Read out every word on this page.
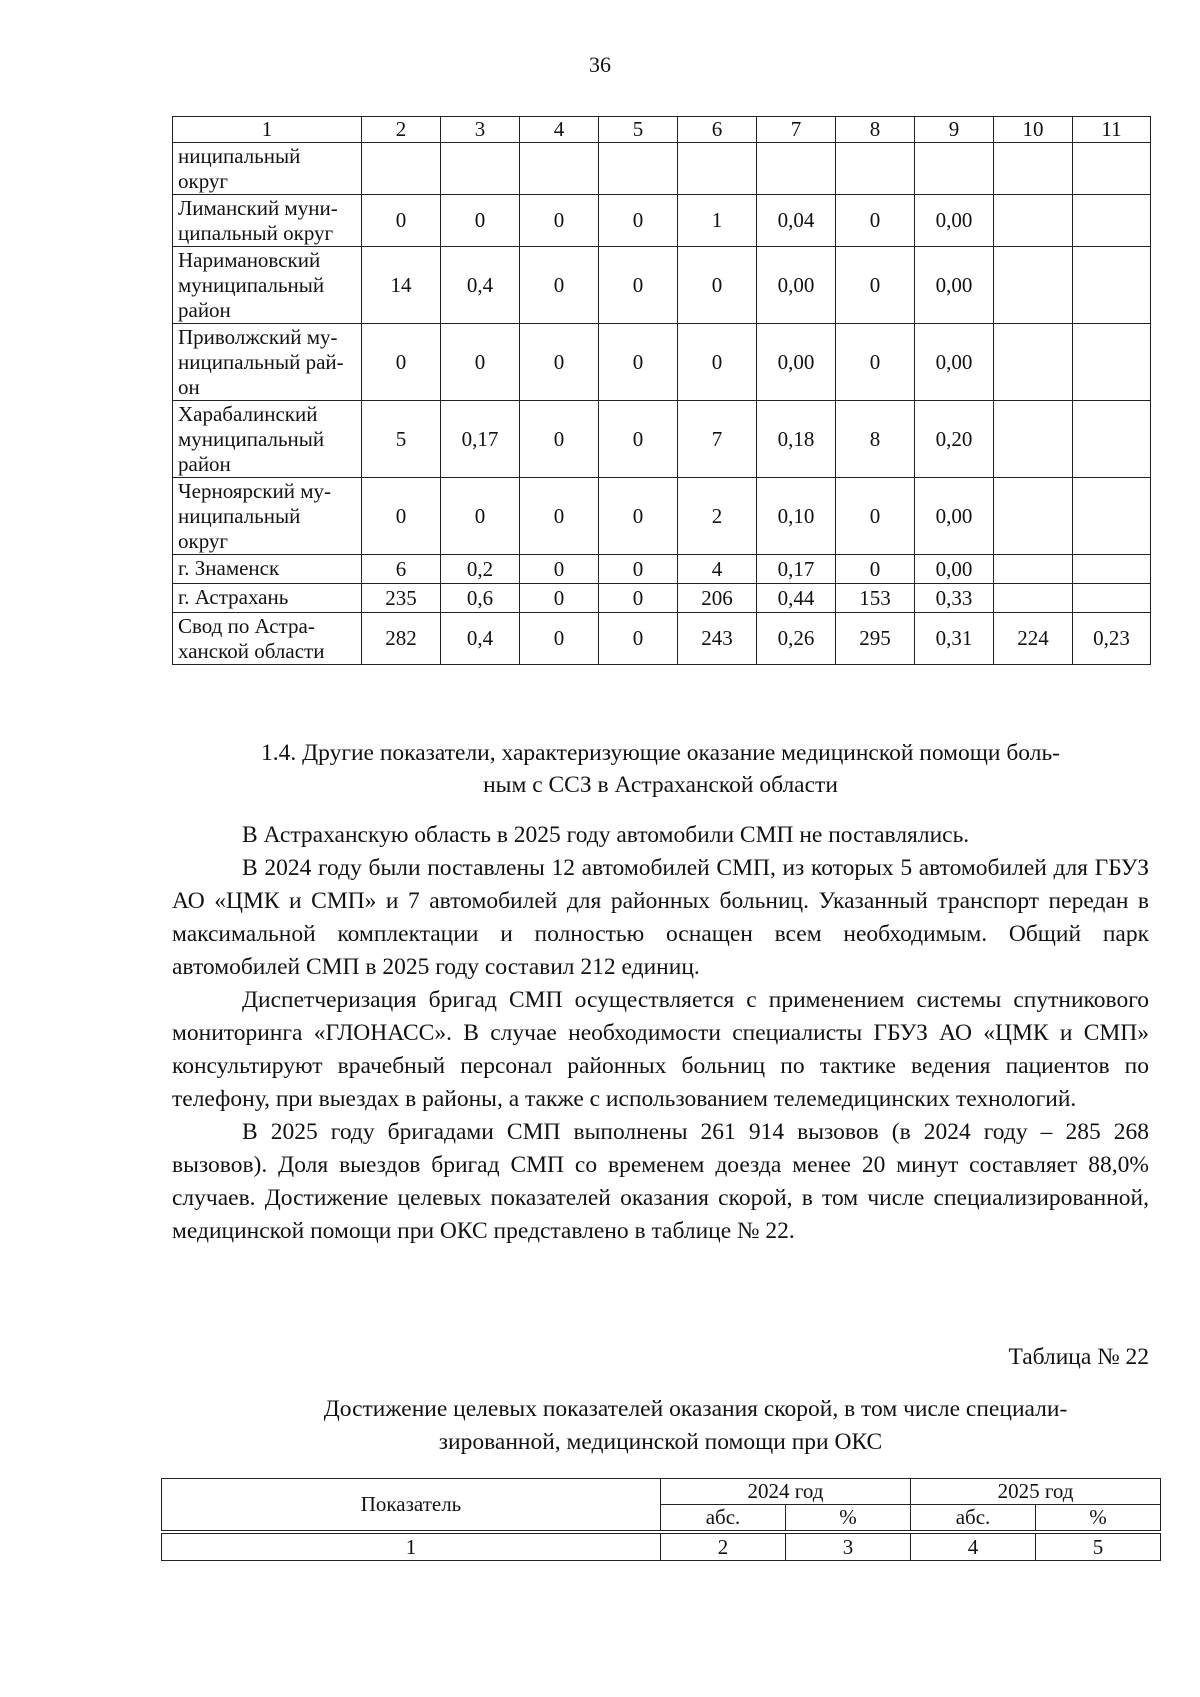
36
1	2	3	4	5	6	7	8	9	10	11
ниципальный
округ										
Лиманский муни-
ципальный округ	0	0	0	0	1	0,04	0	0,00		
Наримановский
муниципальный
район	14	0,4	0	0	0	0,00	0	0,00		
Приволжский му-
ниципальный рай-
он	0	0	0	0	0	0,00	0	0,00		
Харабалинский
муниципальный
район	5	0,17	0	0	7	0,18	8	0,20		
Черноярский му-
ниципальный
округ	0	0	0	0	2	0,10	0	0,00		
г. Знаменск	6	0,2	0	0	4	0,17	0	0,00		
г. Астрахань	235	0,6	0	0	206	0,44	153	0,33		
Свод по Астра-
ханской области	282	0,4	0	0	243	0,26	295	0,31	224	0,23
1.4. Другие показатели, характеризующие оказание медицинской помощи боль-
ным с ССЗ в Астраханской области

В Астраханскую область в 2025 году автомобили СМП не поставлялись.

В 2024 году были поставлены 12 автомобилей СМП, из которых 5 автомобилей для ГБУЗ АО «ЦМК и СМП» и 7 автомобилей для районных больниц. Указанный транспорт передан в максимальной комплектации и полностью оснащен всем необходимым. Общий парк автомобилей СМП в 2025 году составил 212 единиц.

Диспетчеризация бригад СМП осуществляется с применением системы спутникового мониторинга «ГЛОНАСС». В случае необходимости специалисты ГБУЗ АО «ЦМК и СМП» консультируют врачебный персонал районных больниц по тактике ведения пациентов по телефону, при выездах в районы, а также с использованием телемедицинских технологий.

В 2025 году бригадами СМП выполнены 261 914 вызовов (в 2024 году – 285 268 вызовов). Доля выездов бригад СМП со временем доезда менее 20 минут составляет 88,0% случаев. Достижение целевых показателей оказания скорой, в том числе специализированной, медицинской помощи при ОКС представлено в таблице № 22.

Таблица № 22
Достижение целевых показателей оказания скорой, в том числе специали-
зированной, медицинской помощи при ОКС
Показатель	2024 год		2025 год	
	абс.	%	абс.	%

1	2	3	4	5
